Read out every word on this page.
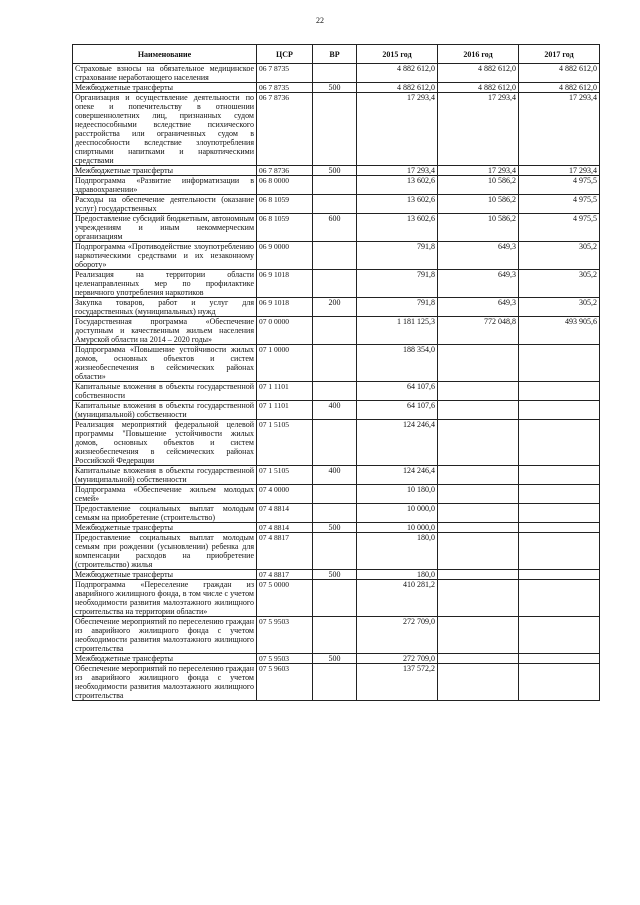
22
Наименование	ЦСР	ВР	2015 год	2016 год	2017 год
Страховые взносы на обязательное медицинское страхование неработающего населения	06 7 8735		4 882 612,0	4 882 612,0	4 882 612,0
Межбюджетные трансферты	06 7 8735	500	4 882 612,0	4 882 612,0	4 882 612,0
Организация и осуществление деятельности по опеке и попечительству в отношении совершеннолетних лиц, признанных судом недееспособными вследствие психического расстройства или ограниченных судом в дееспособности вследствие злоупотребления спиртными напитками и наркотическими средствами	06 7 8736		17 293,4	17 293,4	17 293,4
Межбюджетные трансферты	06 7 8736	500	17 293,4	17 293,4	17 293,4
Подпрограмма «Развитие информатизации в здравоохранении»	06 8 0000		13 602,6	10 586,2	4 975,5
Расходы на обеспечение деятельности (оказание услуг) государственных	06 8 1059		13 602,6	10 586,2	4 975,5
Предоставление субсидий бюджетным, автономным учреждениям и иным некоммерческим организациям	06 8 1059	600	13 602,6	10 586,2	4 975,5
Подпрограмма «Противодействие злоупотреблению наркотическими средствами и их незаконному обороту»	06 9 0000		791,8	649,3	305,2
Реализация на территории области целенаправленных мер по профилактике первичного употребления наркотиков	06 9 1018		791,8	649,3	305,2
Закупка товаров, работ и услуг для государственных (муниципальных) нужд	06 9 1018	200	791,8	649,3	305,2
Государственная программа «Обеспечение доступным и качественным жильем населения Амурской области на 2014 – 2020 годы»	07 0 0000		1 181 125,3	772 048,8	493 905,6
Подпрограмма «Повышение устойчивости жилых домов, основных объектов и систем жизнеобеспечения в сейсмических районах области»	07 1 0000		188 354,0		
Капитальные вложения в объекты государственной собственности	07 1 1101		64 107,6		
Капитальные вложения в объекты государственной (муниципальной) собственности	07 1 1101	400	64 107,6		
Реализация мероприятий федеральной целевой программы "Повышение устойчивости жилых домов, основных объектов и систем жизнеобеспечения в сейсмических районах Российской Федерации	07 1 5105		124 246,4		
Капитальные вложения в объекты государственной (муниципальной) собственности	07 1 5105	400	124 246,4		
Подпрограмма «Обеспечение жильем молодых семей»	07 4 0000		10 180,0		
Предоставление социальных выплат молодым семьям на приобретение (строительство)	07 4 8814		10 000,0		
Межбюджетные трансферты	07 4 8814	500	10 000,0		
Предоставление социальных выплат молодым семьям при рождении (усыновлении) ребенка для компенсации расходов на приобретение (строительство) жилья	07 4 8817		180,0		
Межбюджетные трансферты	07 4 8817	500	180,0		
Подпрограмма «Переселение граждан из аварийного жилищного фонда, в том числе с учетом необходимости развития малоэтажного жилищного строительства на территории области»	07 5 0000		410 281,2		
Обеспечение мероприятий по переселению граждан из аварийного жилищного фонда с учетом необходимости развития малоэтажного жилищного строительства	07 5 9503		272 709,0		
Межбюджетные трансферты	07 5 9503	500	272 709,0		
Обеспечение мероприятий по переселению граждан из аварийного жилищного фонда с учетом необходимости развития малоэтажного жилищного строительства	07 5 9603		137 572,2		
